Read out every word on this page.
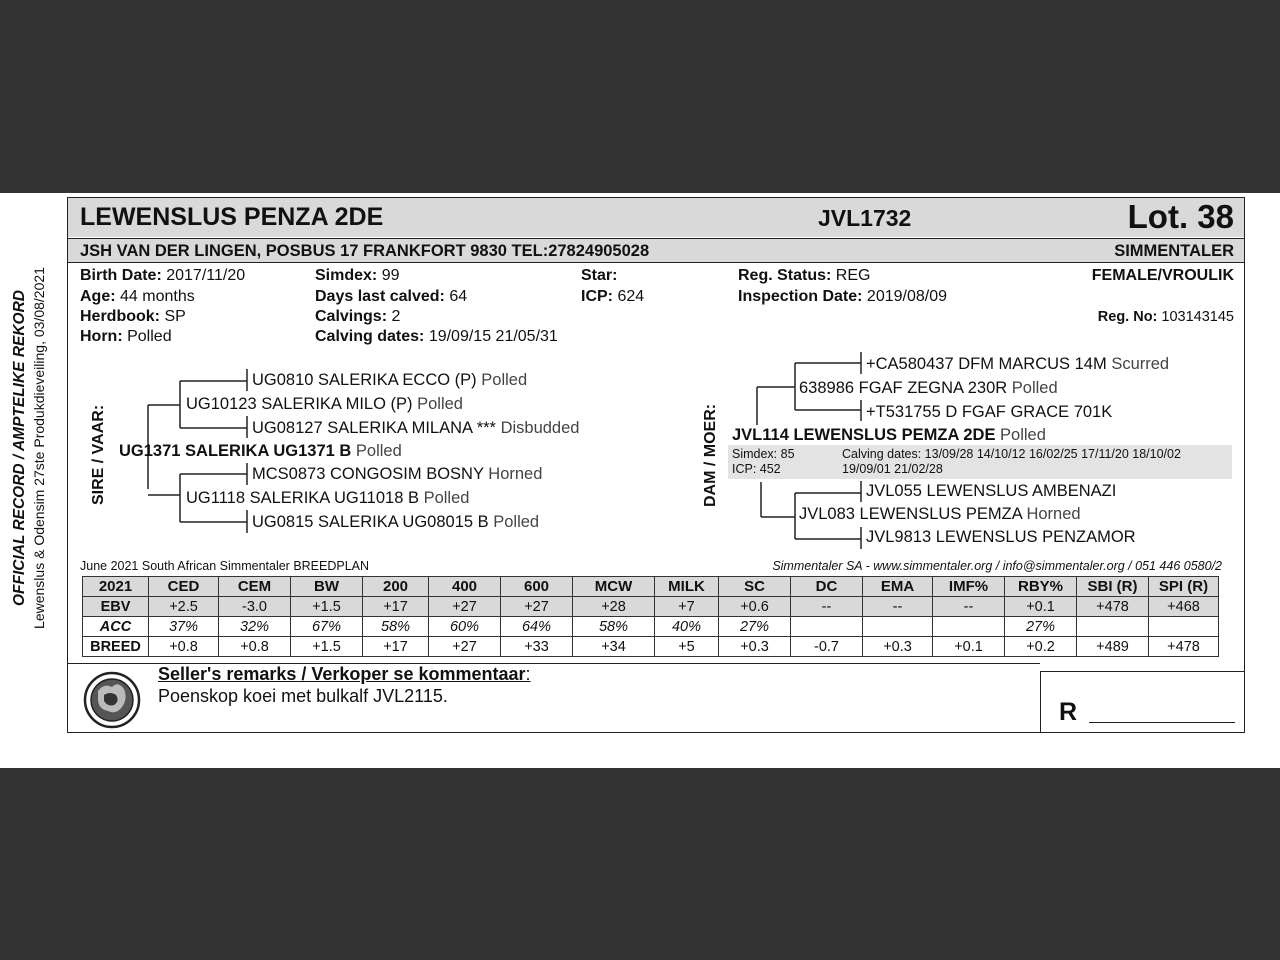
OFFICIAL RECORD / AMPTELIKE REKORD Lewenslus & Odensim 27ste Produkdieveiling, 03/08/2021
LEWENSLUS PENZA 2DE	JVL1732	Lot. 38
JSH VAN DER LINGEN, POSBUS 17 FRANKFORT 9830 TEL:27824905028	SIMMENTALER
Birth Date: 2017/11/20
Age: 44 months
Herdbook: SP
Horn: Polled
Simdex: 99
Days last calved: 64
Calvings: 2
Calving dates: 19/09/15 21/05/31
Star:
ICP: 624
Reg. Status: REG
Inspection Date: 2019/08/09
FEMALE/VROULIK
Reg. No: 103143145
SIRE / VAAR:	DAM / MOER:
UG0810 SALERIKA ECCO (P) Polled
UG10123 SALERIKA MILO (P) Polled
UG08127 SALERIKA MILANA *** Disbudded
UG1371 SALERIKA UG1371 B Polled
MCS0873 CONGOSIM BOSNY Horned
UG1118 SALERIKA UG11018 B Polled
UG0815 SALERIKA UG08015 B Polled
+CA580437 DFM MARCUS 14M Scurred
638986 FGAF ZEGNA 230R Polled
+T531755 D FGAF GRACE 701K
JVL114 LEWENSLUS PEMZA 2DE Polled
Simdex: 85
ICP: 452
Calving dates: 13/09/28 14/10/12 16/02/25 17/11/20 18/10/02
19/09/01 21/02/28
JVL055 LEWENSLUS AMBENAZI
JVL083 LEWENSLUS PEMZA Horned
JVL9813 LEWENSLUS PENZAMOR
June 2021 South African Simmentaler BREEDPLAN	Simmentaler SA - www.simmentaler.org / info@simmentaler.org / 051 446 0580/2
2021	CED	CEM	BW	200	400	600	MCW	MILK	SC	DC	EMA	IMF%	RBY%	SBI (R)	SPI (R)
EBV	+2.5	-3.0	+1.5	+17	+27	+27	+28	+7	+0.6	--	--	--	+0.1	+478	+468
ACC	37%	32%	67%	58%	60%	64%	58%	40%	27%				27%		
BREED	+0.8	+0.8	+1.5	+17	+27	+33	+34	+5	+0.3	-0.7	+0.3	+0.1	+0.2	+489	+478
Seller's remarks / Verkoper se kommentaar:
Poenskop koei met bulkalf JVL2115.
R
